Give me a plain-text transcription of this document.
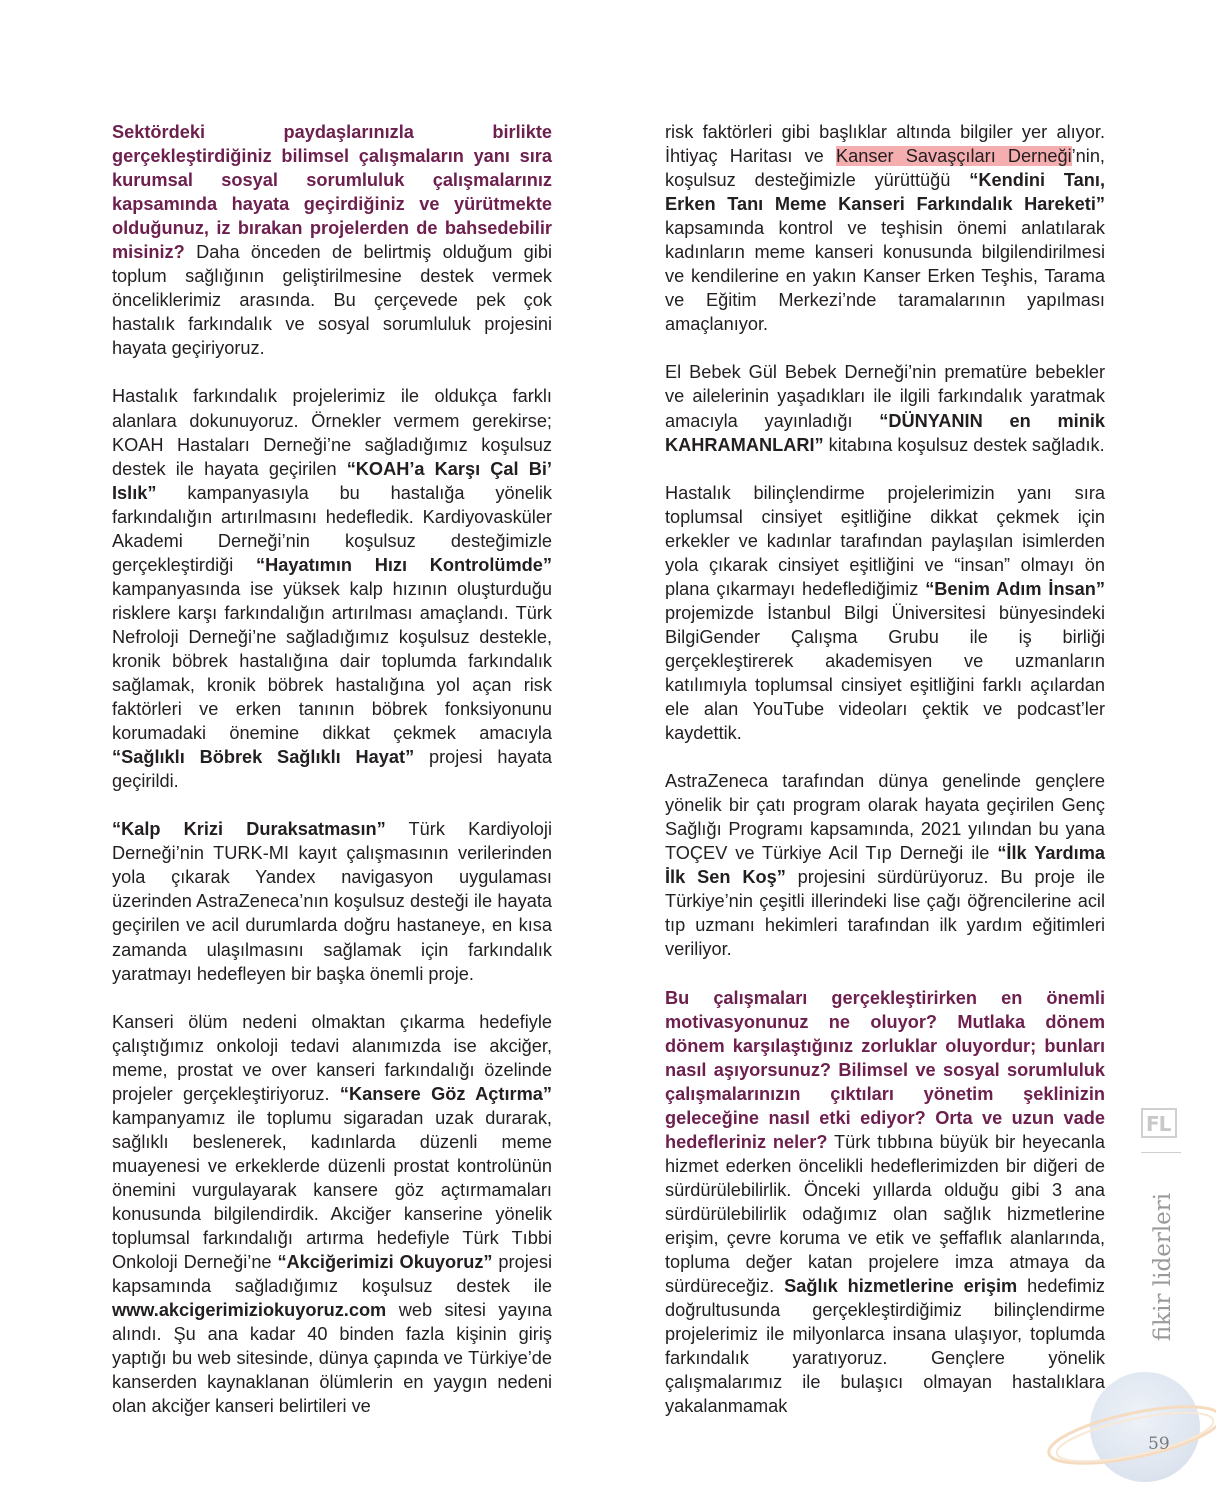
Sektördeki paydaşlarınızla birlikte gerçekleştirdiğiniz bilimsel çalışmaların yanı sıra kurumsal sosyal sorumluluk çalışmalarınız kapsamında hayata geçirdiğiniz ve yürütmekte olduğunuz, iz bırakan projelerden de bahsedebilir misiniz? Daha önceden de belirtmiş olduğum gibi toplum sağlığının geliştirilmesine destek vermek önceliklerimiz arasında. Bu çerçevede pek çok hastalık farkındalık ve sosyal sorumluluk projesini hayata geçiriyoruz.

Hastalık farkındalık projelerimiz ile oldukça farklı alanlara dokunuyoruz. Örnekler vermem gerekirse; KOAH Hastaları Derneği’ne sağladığımız koşulsuz destek ile hayata geçirilen “KOAH’a Karşı Çal Bi’ Islık” kampanyasıyla bu hastalığa yönelik farkındalığın artırılmasını hedefledik. Kardiyovasküler Akademi Derneği’nin koşulsuz desteğimizle gerçekleştirdiği “Hayatımın Hızı Kontrolümde” kampanyasında ise yüksek kalp hızının oluşturduğu risklere karşı farkındalığın artırılması amaçlandı. Türk Nefroloji Derneği’ne sağladığımız koşulsuz destekle, kronik böbrek hastalığına dair toplumda farkındalık sağlamak, kronik böbrek hastalığına yol açan risk faktörleri ve erken tanının böbrek fonksiyonunu korumadaki önemine dikkat çekmek amacıyla “Sağlıklı Böbrek Sağlıklı Hayat” projesi hayata geçirildi.

“Kalp Krizi Duraksatmasın” Türk Kardiyoloji Derneği’nin TURK-MI kayıt çalışmasının verilerinden yola çıkarak Yandex navigasyon uygulaması üzerinden AstraZeneca’nın koşulsuz desteği ile hayata geçirilen ve acil durumlarda doğru hastaneye, en kısa zamanda ulaşılmasını sağlamak için farkındalık yaratmayı hedefleyen bir başka önemli proje.

Kanseri ölüm nedeni olmaktan çıkarma hedefiyle çalıştığımız onkoloji tedavi alanımızda ise akciğer, meme, prostat ve over kanseri farkındalığı özelinde projeler gerçekleştiriyoruz. “Kansere Göz Açtırma” kampanyamız ile toplumu sigaradan uzak durarak, sağlıklı beslenerek, kadınlarda düzenli meme muayenesi ve erkeklerde düzenli prostat kontrolünün önemini vurgulayarak kansere göz açtırmamaları konusunda bilgilendirdik. Akciğer kanserine yönelik toplumsal farkındalığı artırma hedefiyle Türk Tıbbi Onkoloji Derneği’ne “Akciğerimizi Okuyoruz” projesi kapsamında sağladığımız koşulsuz destek ile www.akcigerimiziokuyoruz.com web sitesi yayına alındı. Şu ana kadar 40 binden fazla kişinin giriş yaptığı bu web sitesinde, dünya çapında ve Türkiye’de kanserden kaynaklanan ölümlerin en yaygın nedeni olan akciğer kanseri belirtileri ve

risk faktörleri gibi başlıklar altında bilgiler yer alıyor. İhtiyaç Haritası ve Kanser Savaşçıları Derneği’nin, koşulsuz desteğimizle yürüttüğü “Kendini Tanı, Erken Tanı Meme Kanseri Farkındalık Hareketi” kapsamında kontrol ve teşhisin önemi anlatılarak kadınların meme kanseri konusunda bilgilendirilmesi ve kendilerine en yakın Kanser Erken Teşhis, Tarama ve Eğitim Merkezi’nde taramalarının yapılması amaçlanıyor.

El Bebek Gül Bebek Derneği’nin prematüre bebekler ve ailelerinin yaşadıkları ile ilgili farkındalık yaratmak amacıyla yayınladığı “DÜNYANIN en minik KAHRAMANLARI” kitabına koşulsuz destek sağladık.

Hastalık bilinçlendirme projelerimizin yanı sıra toplumsal cinsiyet eşitliğine dikkat çekmek için erkekler ve kadınlar tarafından paylaşılan isimlerden yola çıkarak cinsiyet eşitliğini ve “insan” olmayı ön plana çıkarmayı hedeflediğimiz “Benim Adım İnsan” projemizde İstanbul Bilgi Üniversitesi bünyesindeki BilgiGender Çalışma Grubu ile iş birliği gerçekleştirerek akademisyen ve uzmanların katılımıyla toplumsal cinsiyet eşitliğini farklı açılardan ele alan YouTube videoları çektik ve podcast’ler kaydettik.

AstraZeneca tarafından dünya genelinde gençlere yönelik bir çatı program olarak hayata geçirilen Genç Sağlığı Programı kapsamında, 2021 yılından bu yana TOÇEV ve Türkiye Acil Tıp Derneği ile “İlk Yardıma İlk Sen Koş” projesini sürdürüyoruz. Bu proje ile Türkiye’nin çeşitli illerindeki lise çağı öğrencilerine acil tıp uzmanı hekimleri tarafından ilk yardım eğitimleri veriliyor.

Bu çalışmaları gerçekleştirirken en önemli motivasyonunuz ne oluyor? Mutlaka dönem dönem karşılaştığınız zorluklar oluyordur; bunları nasıl aşıyorsunuz? Bilimsel ve sosyal sorumluluk çalışmalarınızın çıktıları yönetim şeklinizin geleceğine nasıl etki ediyor? Orta ve uzun vade hedefleriniz neler? Türk tıbbına büyük bir heyecanla hizmet ederken öncelikli hedeflerimizden bir diğeri de sürdürülebilirlik. Önceki yıllarda olduğu gibi 3 ana sürdürülebilirlik odağımız olan sağlık hizmetlerine erişim, çevre koruma ve etik ve şeffaflık alanlarında, topluma değer katan projelere imza atmaya da sürdüreceğiz. Sağlık hizmetlerine erişim hedefimiz doğrultusunda gerçekleştirdiğimiz bilinçlendirme projelerimiz ile milyonlarca insana ulaşıyor, toplumda farkındalık yaratıyoruz. Gençlere yönelik çalışmalarımız ile bulaşıcı olmayan hastalıklara yakalanmamak

FL
fikir liderleri
59
